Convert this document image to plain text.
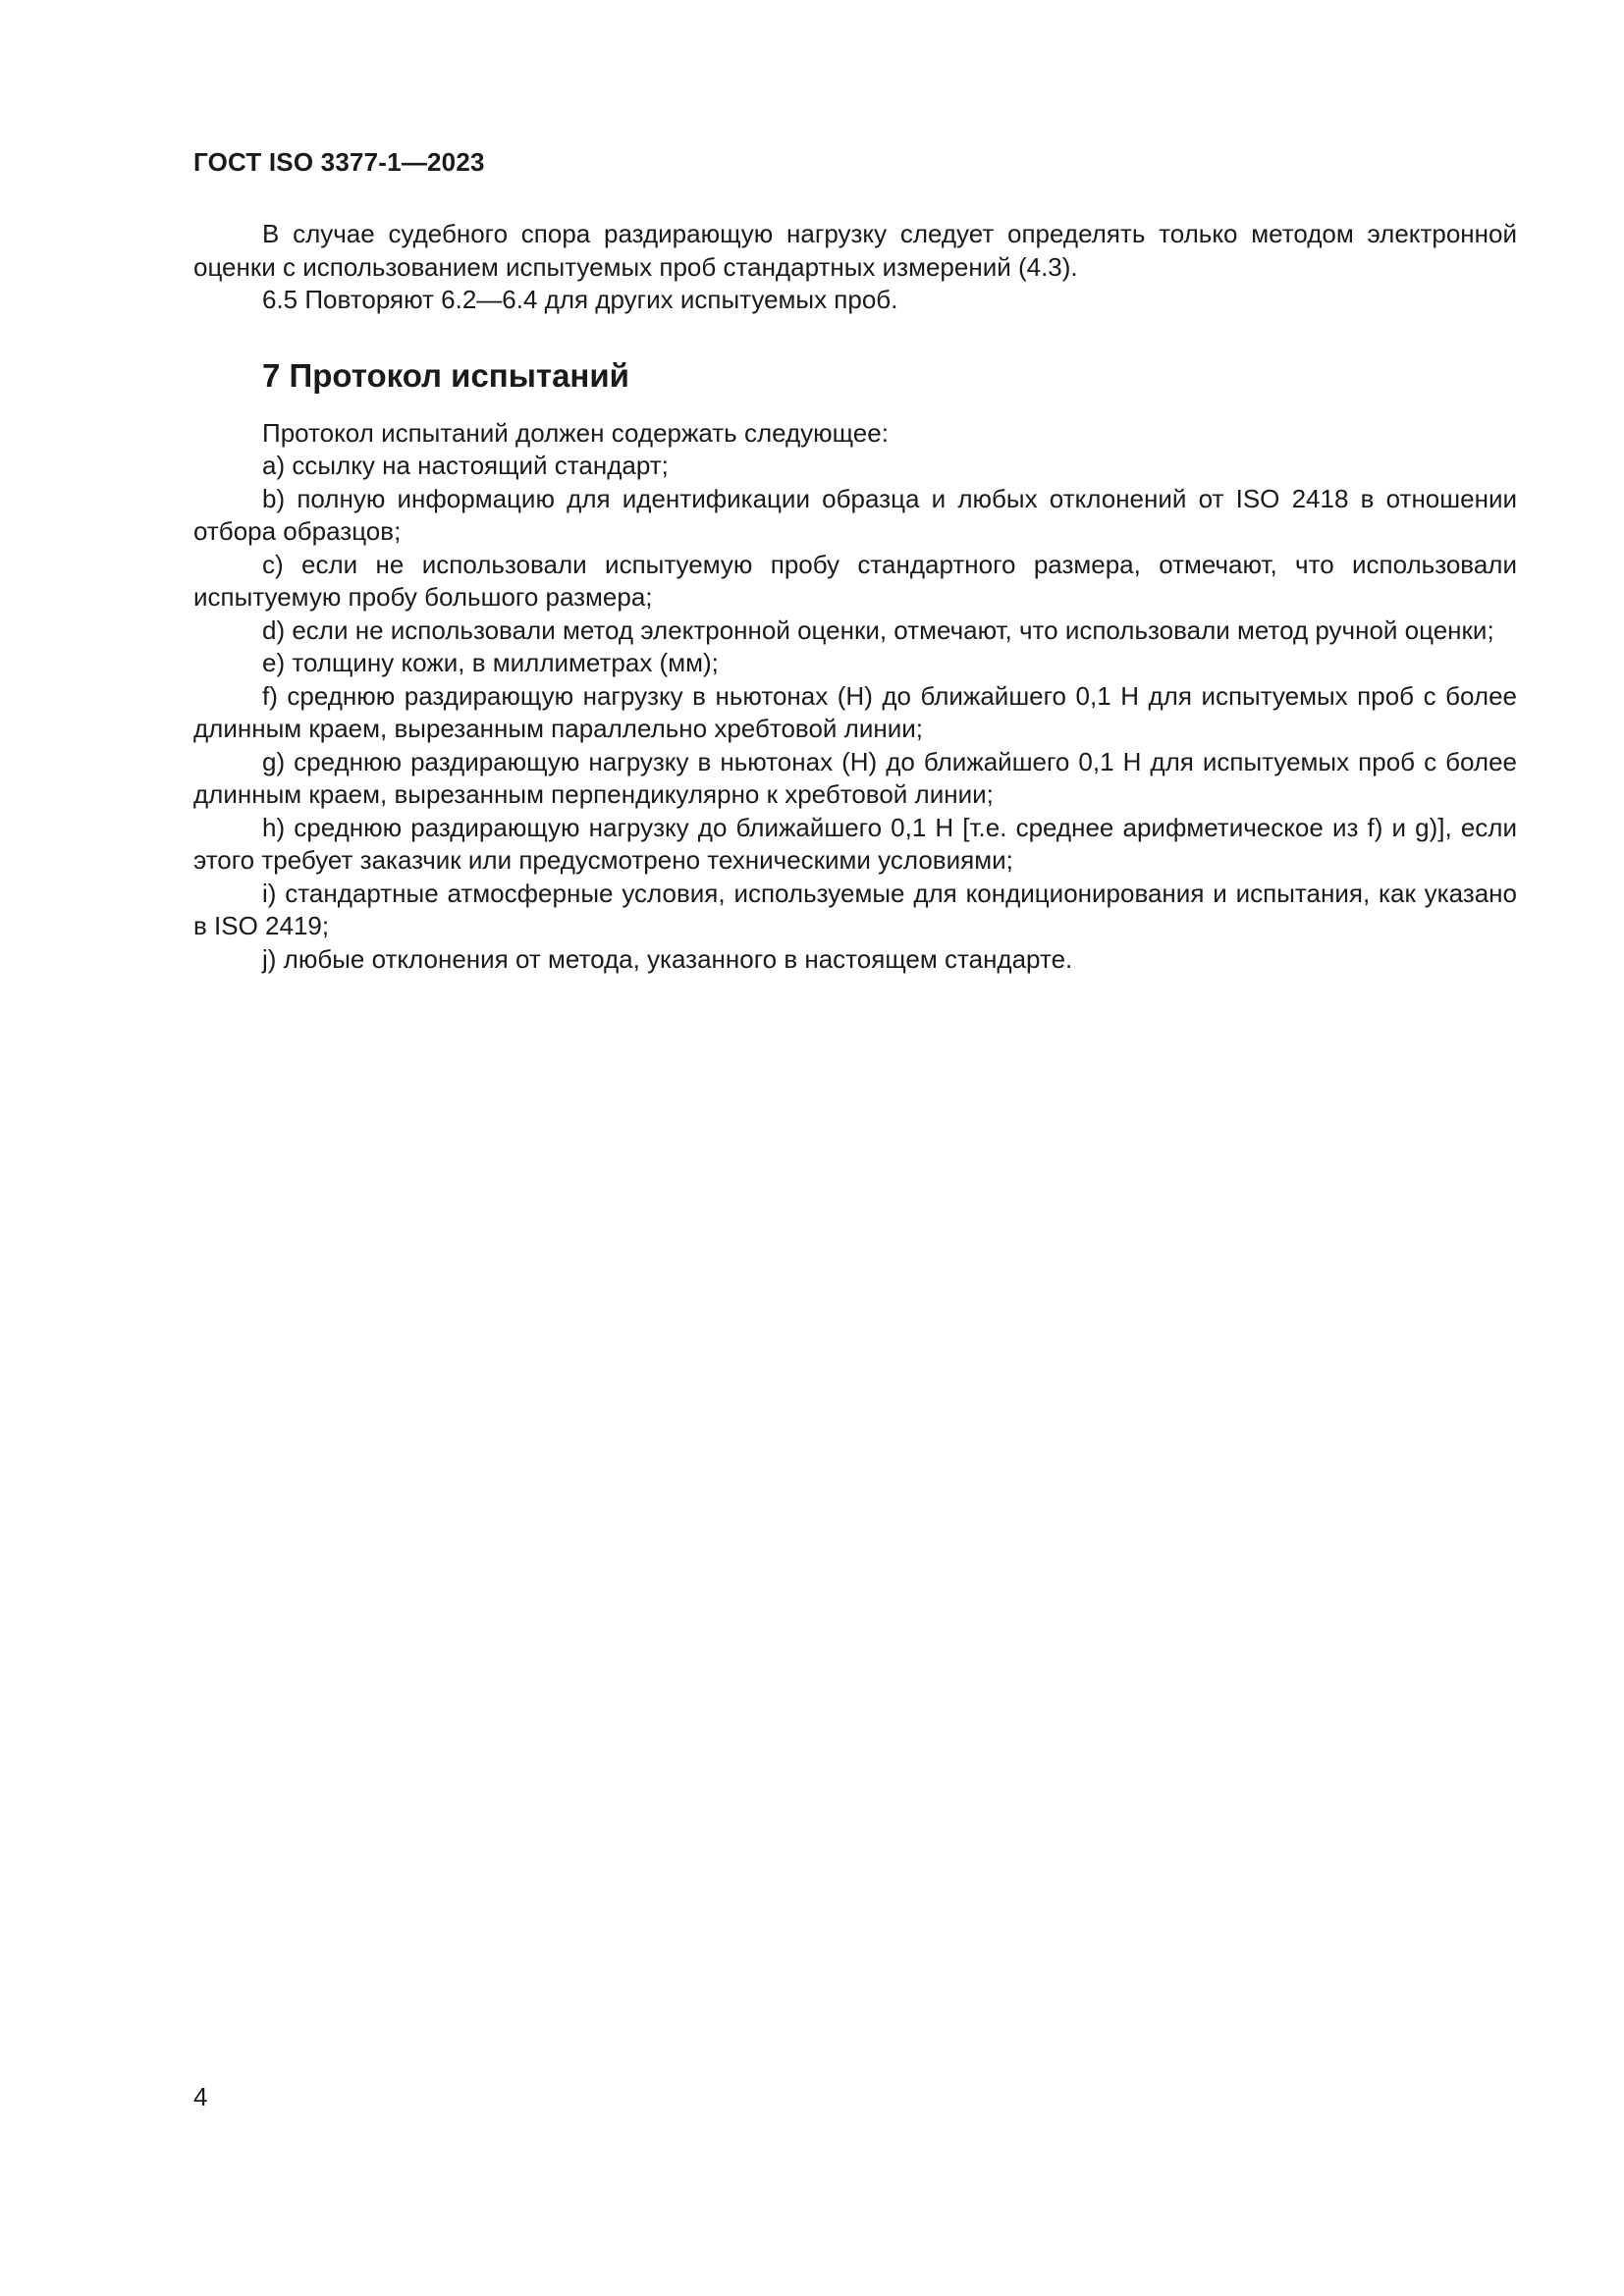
ГОСТ ISO 3377-1—2023

В случае судебного спора раздирающую нагрузку следует определять только методом электронной оценки с использованием испытуемых проб стандартных измерений (4.3).

6.5 Повторяют 6.2—6.4 для других испытуемых проб.

7 Протокол испытаний

Протокол испытаний должен содержать следующее:

a) ссылку на настоящий стандарт;

b) полную информацию для идентификации образца и любых отклонений от ISO 2418 в отношении отбора образцов;

c) если не использовали испытуемую пробу стандартного размера, отмечают, что использовали испытуемую пробу большого размера;

d) если не использовали метод электронной оценки, отмечают, что использовали метод ручной оценки;

e) толщину кожи, в миллиметрах (мм);

f) среднюю раздирающую нагрузку в ньютонах (Н) до ближайшего 0,1 Н для испытуемых проб с более длинным краем, вырезанным параллельно хребтовой линии;

g) среднюю раздирающую нагрузку в ньютонах (Н) до ближайшего 0,1 Н для испытуемых проб с более длинным краем, вырезанным перпендикулярно к хребтовой линии;

h) среднюю раздирающую нагрузку до ближайшего 0,1 Н [т.е. среднее арифметическое из f) и g)], если этого требует заказчик или предусмотрено техническими условиями;

i) стандартные атмосферные условия, используемые для кондиционирования и испытания, как указано в ISO 2419;

j) любые отклонения от метода, указанного в настоящем стандарте.

4
